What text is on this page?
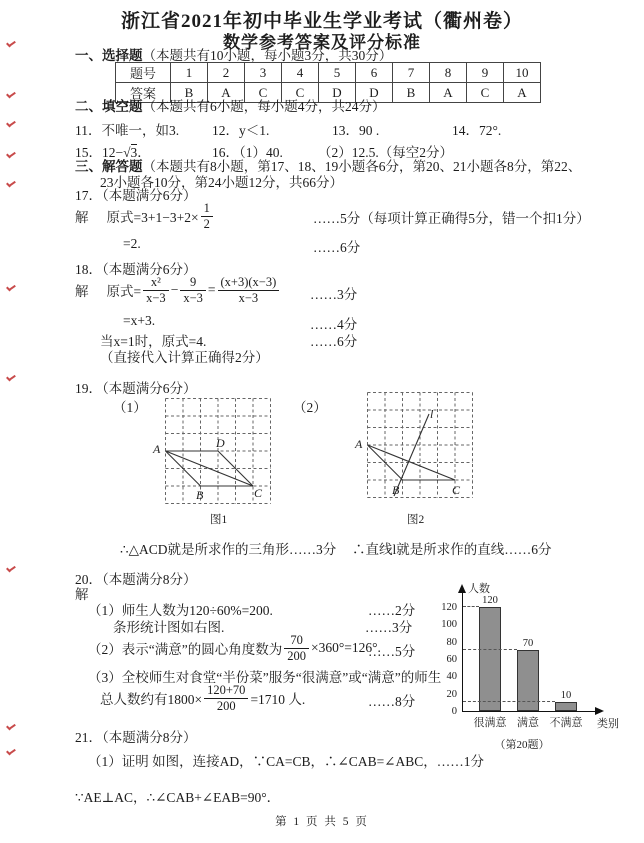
浙江省2021年初中毕业生学业考试（衢州卷）
数学参考答案及评分标准
一、选择题（本题共有10小题，每小题3分，共30分）
题号	1	2	3	4	5	6	7	8	9	10
答案	B	A	C	C	D	D	B	A	C	A
二、填空题（本题共有6小题，每小题4分，共24分）
11．不唯一，如3. 12．y＜1.	13．90 .	14．72°.
15．12−√3．	16．（1）40.	（2）12.5.（每空2分）
三、解答题（本题共有8小题，第17、18、19小题各6分，第20、21小题各8分，第22、
23小题各10分，第24小题12分，共66分）
17．（本题满分6分）
解 原式$=3+1-3+2\times \frac{1}{2}$	……5分（每项计算正确得5分，错一个扣1分）
=2.	……6分
18．（本题满分6分）
解 原式= $\frac{\text{x²}}{x-3} - \frac{9}{x-3} = \frac{(x+3)(x-3)}{x-3}$ ……3分
=x+3.	……4分
当x=1时，原式=4.	……6分
（直接代入计算正确得2分）
19．（本题满分6分）
（1）	（2）
A	D
B	C
图1
A
B	C
l
图2
∴△ACD就是所求作的三角形……3分 ∴直线l就是所求作的直线……6分
20．（本题满分8分）
解
（1）师生人数为120÷60%=200.	……2分
条形统计图如右图.	……3分
（2）表示“满意”的圆心角度数为 $\frac{70}{200} \times 360^\circ=126^\circ$.
……5分
（3）全校师生对食堂“半份菜”服务“很满意”或“满意”的师生
总人数约有$1800\times \frac{120+70}{200} =1710$ 人.	……8分
人数
类别
0
20
40
60
80
100
120
120
很满意
70
满意
10
不满意
（第20题）
21．（本题满分8分）
（1）证明 如图，连接AD，∵CA=CB，∴∠CAB=∠ABC，……1分
∵AE⊥AC，∴∠CAB+∠EAB=90°．
第 1 页 共 5 页
